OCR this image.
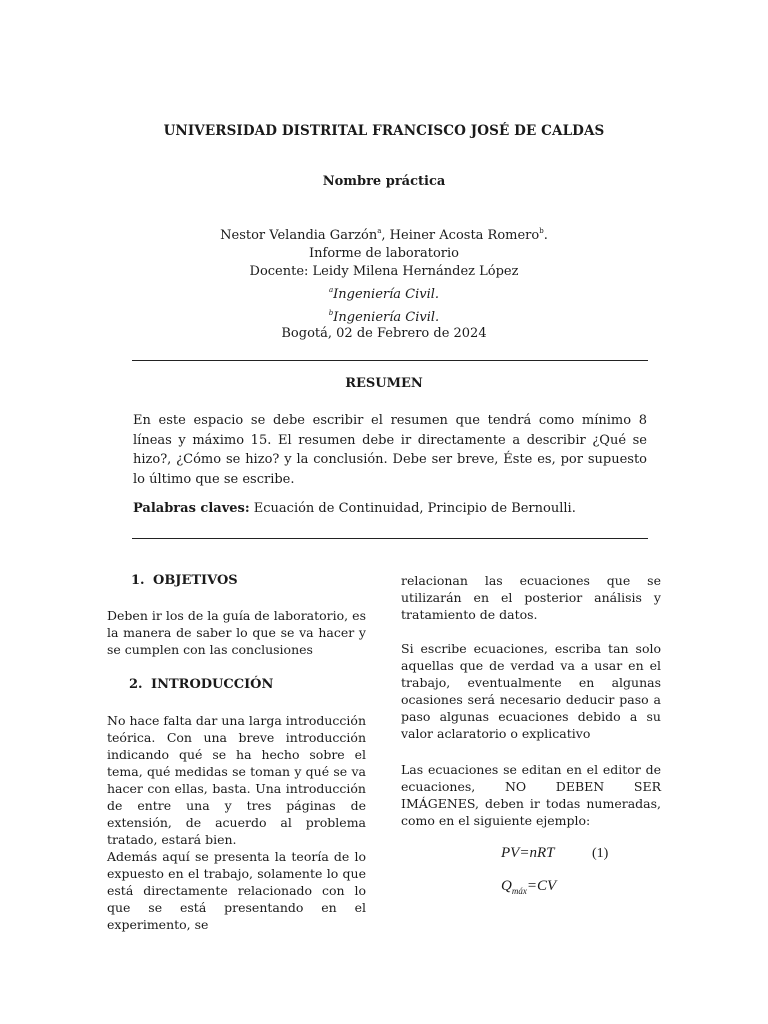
UNIVERSIDAD DISTRITAL FRANCISCO JOSÉ DE CALDAS
Nombre práctica
Nestor Velandia Garzón$^a$, Heiner Acosta Romero$^b$.
Informe de laboratorio
Docente: Leidy Milena Hernández López
$^a$Ingeniería Civil.
$^b$Ingeniería Civil.
Bogotá, 02 de Febrero de 2024
RESUMEN
En este espacio se debe escribir el resumen que tendrá como mínimo 8 líneas y máximo 15. El resumen debe ir directamente a describir ¿Qué se hizo?, ¿Cómo se hizo? y la conclusión. Debe ser breve, Éste es, por supuesto lo último que se escribe.
Palabras claves: Ecuación de Continuidad, Principio de Bernoulli.
1. OBJETIVOS

Deben ir los de la guía de laboratorio, es la manera de saber lo que se va hacer y se cumplen con las conclusiones

2. INTRODUCCIÓN

No hace falta dar una larga introducción teórica. Con una breve introducción indicando qué se ha hecho sobre el tema, qué medidas se toman y qué se va hacer con ellas, basta. Una introducción de entre una y tres páginas de extensión, de acuerdo al problema tratado, estará bien.

Además aquí se presenta la teoría de lo expuesto en el trabajo, solamente lo que está directamente relacionado con lo que se está presentando en el experimento, se

relacionan las ecuaciones que se utilizarán en el posterior análisis y tratamiento de datos.

Si escribe ecuaciones, escriba tan solo aquellas que de verdad va a usar en el trabajo, eventualmente en algunas ocasiones será necesario deducir paso a paso algunas ecuaciones debido a su valor aclaratorio o explicativo

Las ecuaciones se editan en el editor de ecuaciones, NO DEBEN SER IMÁGENES, deben ir todas numeradas, como en el siguiente ejemplo:

PV=nRT	(1)
$Q_{máx}=CV$
